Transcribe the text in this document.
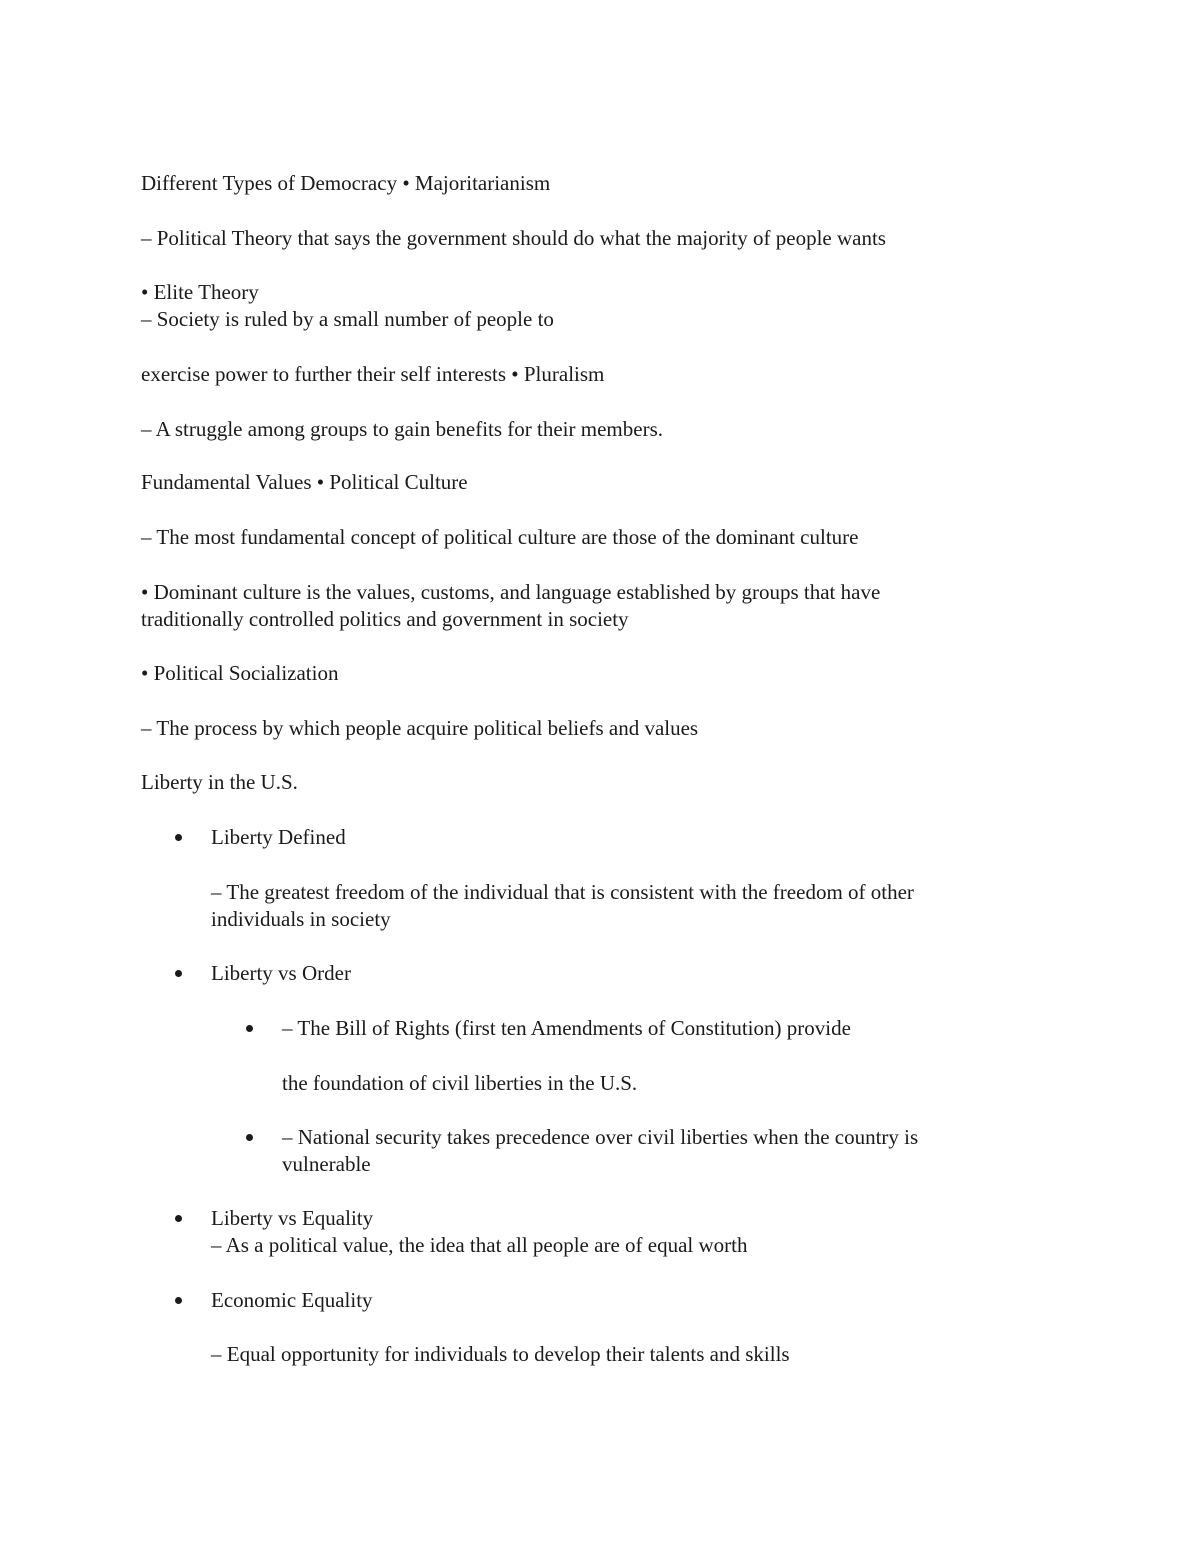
Different Types of Democracy • Majoritarianism
– Political Theory that says the government should do what the majority of people wants
• Elite Theory
– Society is ruled by a small number of people to
exercise power to further their self interests • Pluralism
– A struggle among groups to gain benefits for their members.
Fundamental Values • Political Culture
– The most fundamental concept of political culture are those of the dominant culture
• Dominant culture is the values, customs, and language established by groups that have
traditionally controlled politics and government in society
• Political Socialization
– The process by which people acquire political beliefs and values
Liberty in the U.S.
Liberty Defined
– The greatest freedom of the individual that is consistent with the freedom of other
individuals in society
Liberty vs Order
– The Bill of Rights (first ten Amendments of Constitution) provide
the foundation of civil liberties in the U.S.
– National security takes precedence over civil liberties when the country is
vulnerable
Liberty vs Equality
– As a political value, the idea that all people are of equal worth
Economic Equality
– Equal opportunity for individuals to develop their talents and skills
